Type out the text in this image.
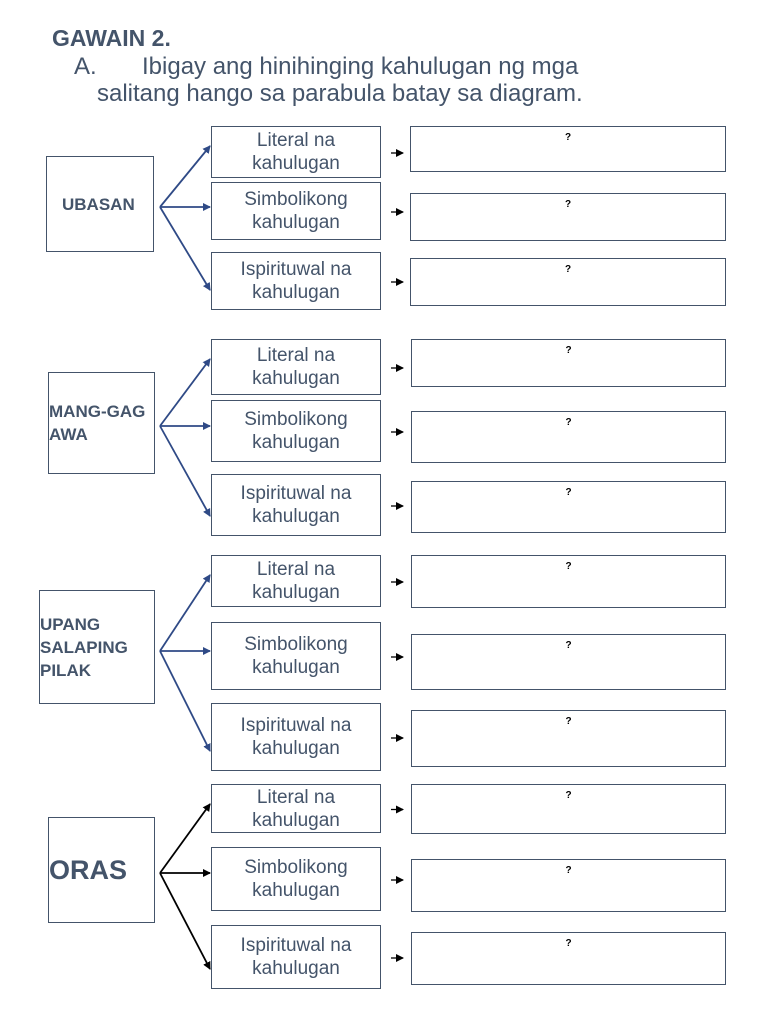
GAWAIN 2.
A. Ibigay ang hinihinging kahulugan ng mga
salitang hango sa parabula batay sa diagram.
UBASAN
Literal na kahulugan
?
Simbolikong kahulugan
?
Ispirituwal na kahulugan
?
MANG-GAGAWA
Literal na kahulugan
?
Simbolikong kahulugan
?
Ispirituwal na kahulugan
?
UPANG SALAPING PILAK
Literal na kahulugan
?
Simbolikong kahulugan
?
Ispirituwal na kahulugan
?
ORAS
Literal na kahulugan
?
Simbolikong kahulugan
?
Ispirituwal na kahulugan
?
